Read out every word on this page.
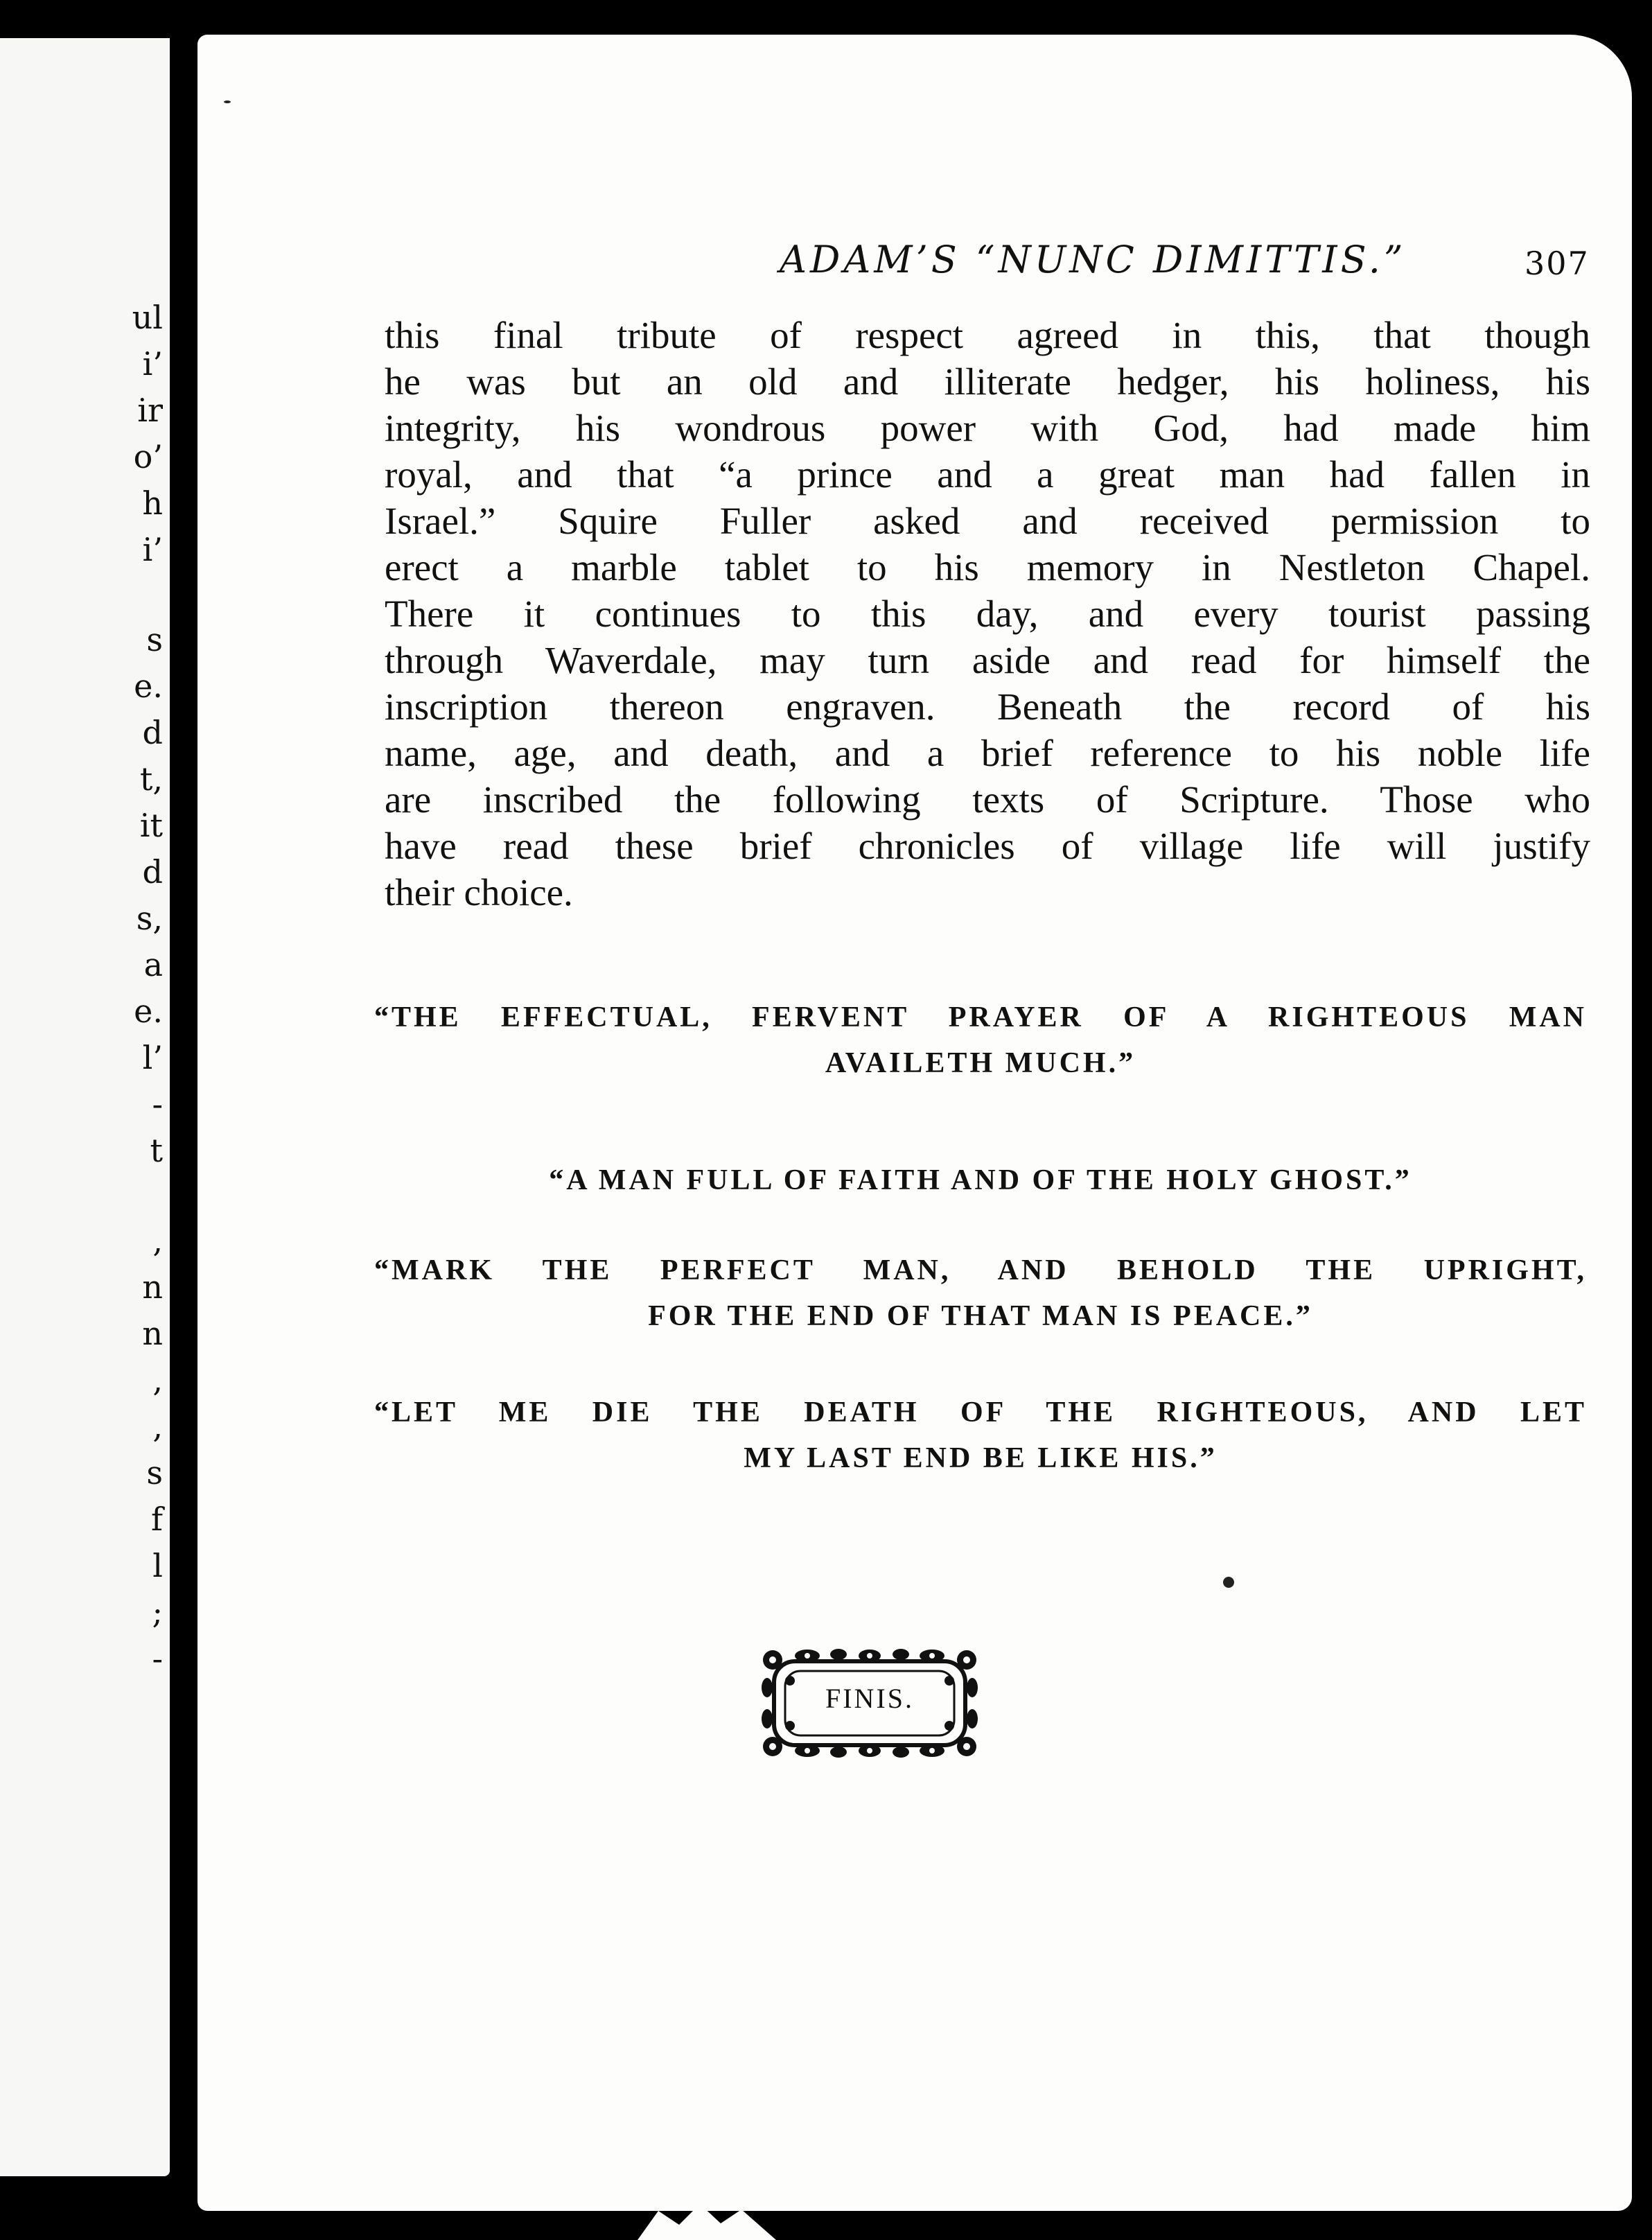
ul
i’
ir
o’
h
i’
s
e.
d
t,
it
d
s,
a
e.
l’
-
t
,
n
n
,
,
s
f
l
;
-
ADAM’S “NUNC DIMITTIS.”	307
this final tribute of respect agreed in this, that though
he was but an old and illiterate hedger, his holiness, his
integrity, his wondrous power with God, had made him
royal, and that “a prince and a great man had fallen in
Israel.” Squire Fuller asked and received permission to
erect a marble tablet to his memory in Nestleton Chapel.
There it continues to this day, and every tourist passing
through Waverdale, may turn aside and read for himself the
inscription thereon engraven. Beneath the record of his
name, age, and death, and a brief reference to his noble life
are inscribed the following texts of Scripture. Those who
have read these brief chronicles of village life will justify
their choice.
“THE EFFECTUAL, FERVENT PRAYER OF A RIGHTEOUS MAN
AVAILETH MUCH.”
“A MAN FULL OF FAITH AND OF THE HOLY GHOST.”
“MARK THE PERFECT MAN, AND BEHOLD THE UPRIGHT,
FOR THE END OF THAT MAN IS PEACE.”
“LET ME DIE THE DEATH OF THE RIGHTEOUS, AND LET
MY LAST END BE LIKE HIS.”
FINIS.
